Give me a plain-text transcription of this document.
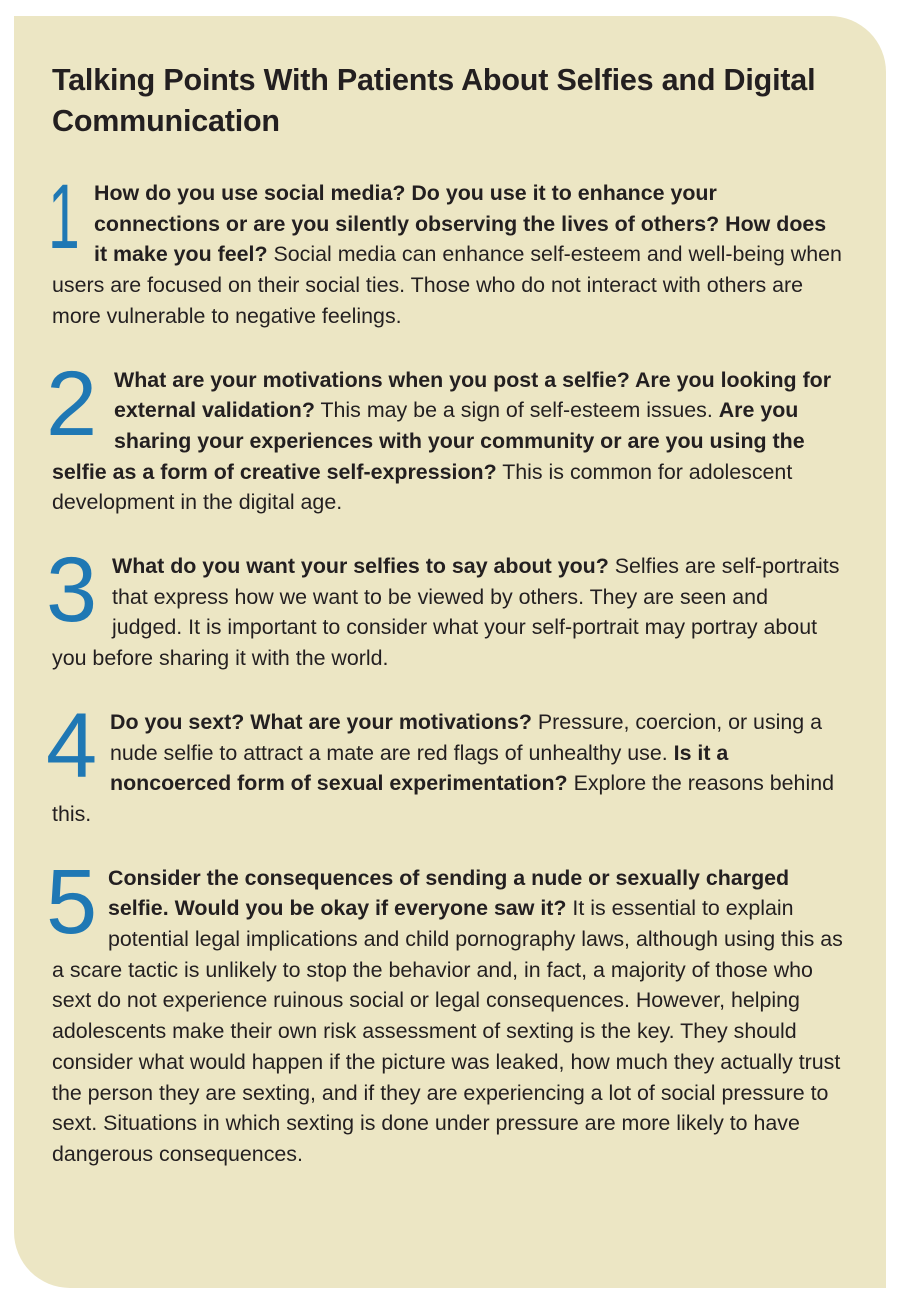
Talking Points With Patients About Selfies and Digital Communication
1 How do you use social media? Do you use it to enhance your connections or are you silently observing the lives of others? How does it make you feel? Social media can enhance self-esteem and well-being when users are focused on their social ties. Those who do not interact with others are more vulnerable to negative feelings.
2 What are your motivations when you post a selfie? Are you looking for external validation? This may be a sign of self-esteem issues. Are you sharing your experiences with your community or are you using the selfie as a form of creative self-expression? This is common for adolescent development in the digital age.
3 What do you want your selfies to say about you? Selfies are self-portraits that express how we want to be viewed by others. They are seen and judged. It is important to consider what your self-portrait may portray about you before sharing it with the world.
4 Do you sext? What are your motivations? Pressure, coercion, or using a nude selfie to attract a mate are red flags of unhealthy use. Is it a noncoerced form of sexual experimentation? Explore the reasons behind this.
5 Consider the consequences of sending a nude or sexually charged selfie. Would you be okay if everyone saw it? It is essential to explain potential legal implications and child pornography laws, although using this as a scare tactic is unlikely to stop the behavior and, in fact, a majority of those who sext do not experience ruinous social or legal consequences. However, helping adolescents make their own risk assessment of sexting is the key. They should consider what would happen if the picture was leaked, how much they actually trust the person they are sexting, and if they are experiencing a lot of social pressure to sext. Situations in which sexting is done under pressure are more likely to have dangerous consequences.
